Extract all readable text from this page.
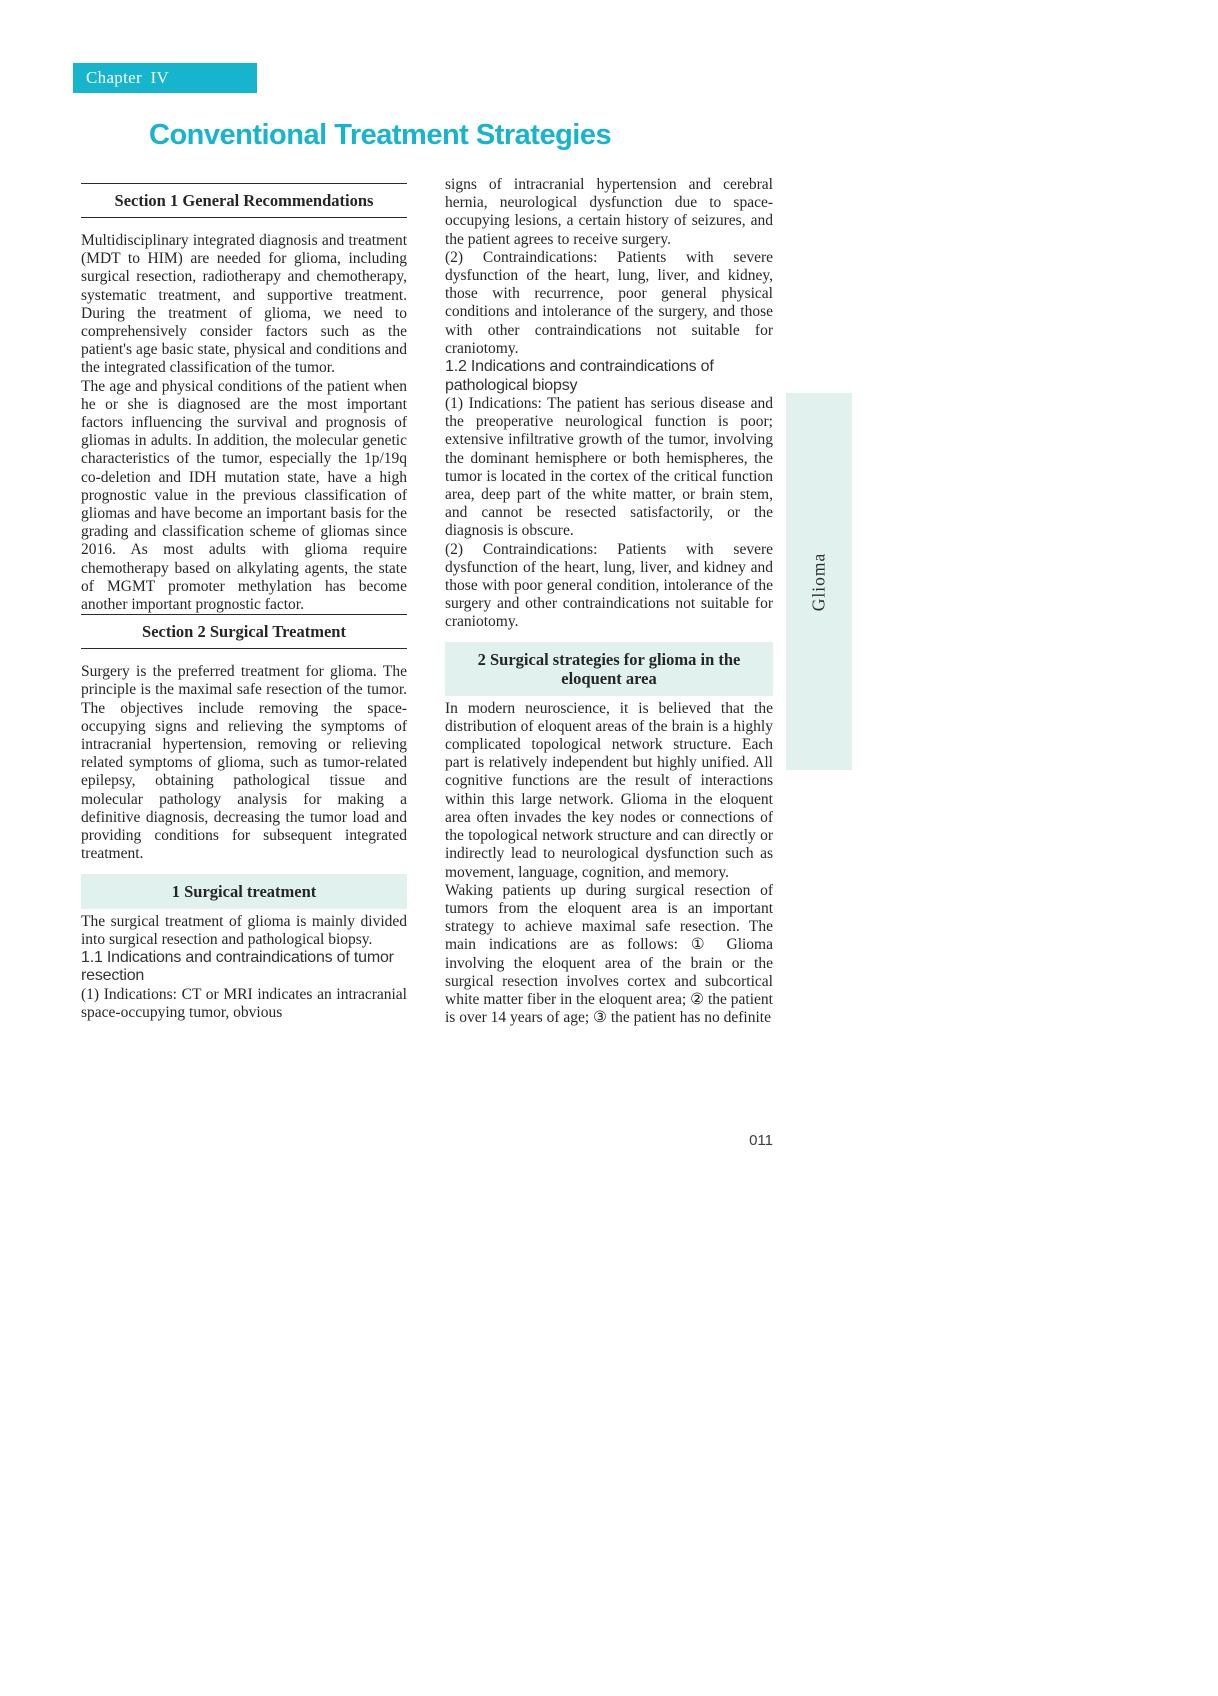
Chapter IV
Conventional Treatment Strategies
Section 1 General Recommendations

Multidisciplinary integrated diagnosis and treatment (MDT to HIM) are needed for glioma, including surgical resection, radiotherapy and chemotherapy, systematic treatment, and supportive treatment. During the treatment of glioma, we need to comprehensively consider factors such as the patient's age basic state, physical and conditions and the integrated classification of the tumor.

The age and physical conditions of the patient when he or she is diagnosed are the most important factors influencing the survival and prognosis of gliomas in adults. In addition, the molecular genetic characteristics of the tumor, especially the 1p/19q co-deletion and IDH mutation state, have a high prognostic value in the previous classification of gliomas and have become an important basis for the grading and classification scheme of gliomas since 2016. As most adults with glioma require chemotherapy based on alkylating agents, the state of MGMT promoter methylation has become another important prognostic factor.

Section 2 Surgical Treatment

Surgery is the preferred treatment for glioma. The principle is the maximal safe resection of the tumor. The objectives include removing the space-occupying signs and relieving the symptoms of intracranial hypertension, removing or relieving related symptoms of glioma, such as tumor-related epilepsy, obtaining pathological tissue and molecular pathology analysis for making a definitive diagnosis, decreasing the tumor load and providing conditions for subsequent integrated treatment.

1 Surgical treatment

The surgical treatment of glioma is mainly divided into surgical resection and pathological biopsy.

1.1 Indications and contraindications of tumor resection

(1) Indications: CT or MRI indicates an intracranial space-occupying tumor, obvious

signs of intracranial hypertension and cerebral hernia, neurological dysfunction due to space-occupying lesions, a certain history of seizures, and the patient agrees to receive surgery.

(2) Contraindications: Patients with severe dysfunction of the heart, lung, liver, and kidney, those with recurrence, poor general physical conditions and intolerance of the surgery, and those with other contraindications not suitable for craniotomy.

1.2 Indications and contraindications of pathological biopsy

(1) Indications: The patient has serious disease and the preoperative neurological function is poor; extensive infiltrative growth of the tumor, involving the dominant hemisphere or both hemispheres, the tumor is located in the cortex of the critical function area, deep part of the white matter, or brain stem, and cannot be resected satisfactorily, or the diagnosis is obscure.

(2) Contraindications: Patients with severe dysfunction of the heart, lung, liver, and kidney and those with poor general condition, intolerance of the surgery and other contraindications not suitable for craniotomy.

2 Surgical strategies for glioma in the eloquent area

In modern neuroscience, it is believed that the distribution of eloquent areas of the brain is a highly complicated topological network structure. Each part is relatively independent but highly unified. All cognitive functions are the result of interactions within this large network. Glioma in the eloquent area often invades the key nodes or connections of the topological network structure and can directly or indirectly lead to neurological dysfunction such as movement, language, cognition, and memory.

Waking patients up during surgical resection of tumors from the eloquent area is an important strategy to achieve maximal safe resection. The main indications are as follows: ① Glioma involving the eloquent area of the brain or the surgical resection involves cortex and subcortical white matter fiber in the eloquent area; ② the patient is over 14 years of age; ③ the patient has no definite

Glioma
011
